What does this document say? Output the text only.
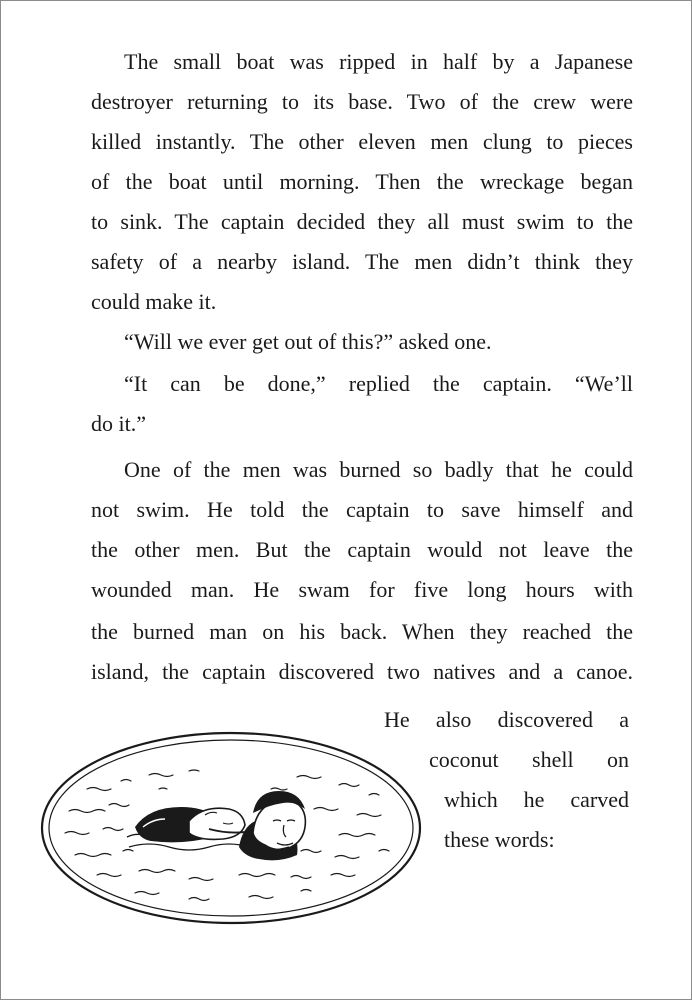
The small boat was ripped in half by a Japanese
destroyer returning to its base. Two of the crew were
killed instantly. The other eleven men clung to pieces
of the boat until morning. Then the wreckage began
to sink. The captain decided they all must swim to the
safety of a nearby island. The men didn’t think they
could make it.
“Will we ever get out of this?” asked one.
“It can be done,” replied the captain. “We’ll
do it.”
One of the men was burned so badly that he could
not swim. He told the captain to save himself and
the other men. But the captain would not leave the
wounded man. He swam for five long hours with
the burned man on his back. When they reached the
island, the captain discovered two natives and a canoe.
He also discovered a
coconut shell on
which he carved
these words:
